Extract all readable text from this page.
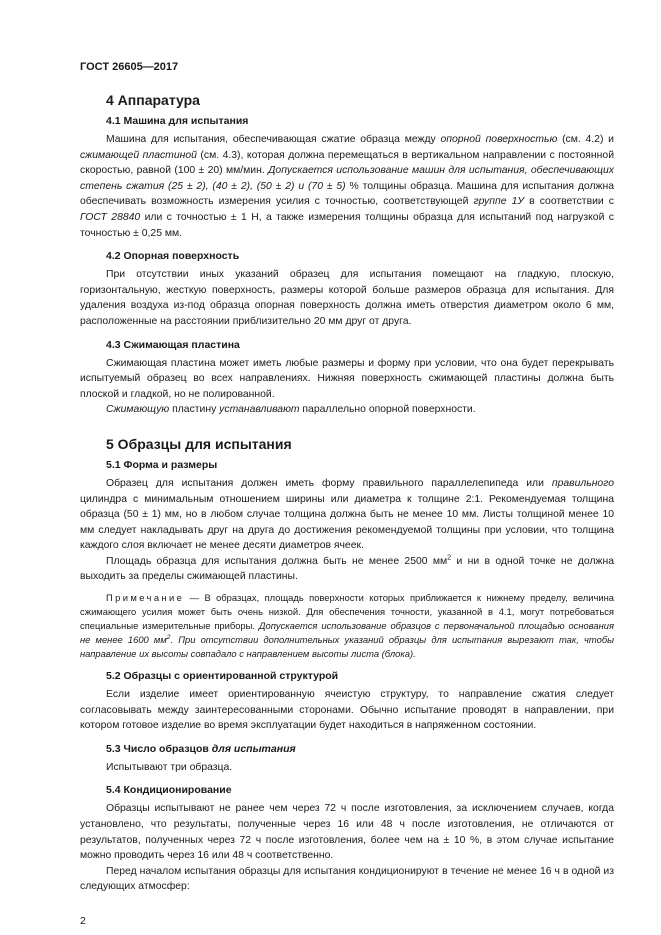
ГОСТ 26605—2017
4 Аппаратура
4.1 Машина для испытания

Машина для испытания, обеспечивающая сжатие образца между опорной поверхностью (см. 4.2) и сжимающей пластиной (см. 4.3), которая должна перемещаться в вертикальном направлении с постоянной скоростью, равной (100 ± 20) мм/мин. Допускается использование машин для испытания, обеспечивающих степень сжатия (25 ± 2), (40 ± 2), (50 ± 2) и (70 ± 5) % толщины образца. Машина для испытания должна обеспечивать возможность измерения усилия с точностью, соответствующей группе 1У в соответствии с ГОСТ 28840 или с точностью ± 1 Н, а также измерения толщины образца для испытаний под нагрузкой с точностью ± 0,25 мм.

4.2 Опорная поверхность

При отсутствии иных указаний образец для испытания помещают на гладкую, плоскую, горизонтальную, жесткую поверхность, размеры которой больше размеров образца для испытания. Для удаления воздуха из-под образца опорная поверхность должна иметь отверстия диаметром около 6 мм, расположенные на расстоянии приблизительно 20 мм друг от друга.

4.3 Сжимающая пластина

Сжимающая пластина может иметь любые размеры и форму при условии, что она будет перекрывать испытуемый образец во всех направлениях. Нижняя поверхность сжимающей пластины должна быть плоской и гладкой, но не полированной.

Сжимающую пластину устанавливают параллельно опорной поверхности.

5 Образцы для испытания
5.1 Форма и размеры

Образец для испытания должен иметь форму правильного параллелепипеда или правильного цилиндра с минимальным отношением ширины или диаметра к толщине 2:1. Рекомендуемая толщина образца (50 ± 1) мм, но в любом случае толщина должна быть не менее 10 мм. Листы толщиной менее 10 мм следует накладывать друг на друга до достижения рекомендуемой толщины при условии, что толщина каждого слоя включает не менее десяти диаметров ячеек.

Площадь образца для испытания должна быть не менее 2500 $мм^2$ и ни в одной точке не должна выходить за пределы сжимающей пластины.

Примечание — В образцах, площадь поверхности которых приближается к нижнему пределу, величина сжимающего усилия может быть очень низкой. Для обеспечения точности, указанной в 4.1, могут потребоваться специальные измерительные приборы. Допускается использование образцов с первоначальной площадью основания не менее 1600 $мм^2$. При отсутствии дополнительных указаний образцы для испытания вырезают так, чтобы направление их высоты совпадало с направлением высоты листа (блока).

5.2 Образцы с ориентированной структурой

Если изделие имеет ориентированную ячеистую структуру, то направление сжатия следует согласовывать между заинтересованными сторонами. Обычно испытание проводят в направлении, при котором готовое изделие во время эксплуатации будет находиться в напряженном состоянии.

5.3 Число образцов для испытания

Испытывают три образца.

5.4 Кондиционирование

Образцы испытывают не ранее чем через 72 ч после изготовления, за исключением случаев, когда установлено, что результаты, полученные через 16 или 48 ч после изготовления, не отличаются от результатов, полученных через 72 ч после изготовления, более чем на ± 10 %, в этом случае испытание можно проводить через 16 или 48 ч соответственно.

Перед началом испытания образцы для испытания кондиционируют в течение не менее 16 ч в одной из следующих атмосфер:

2
